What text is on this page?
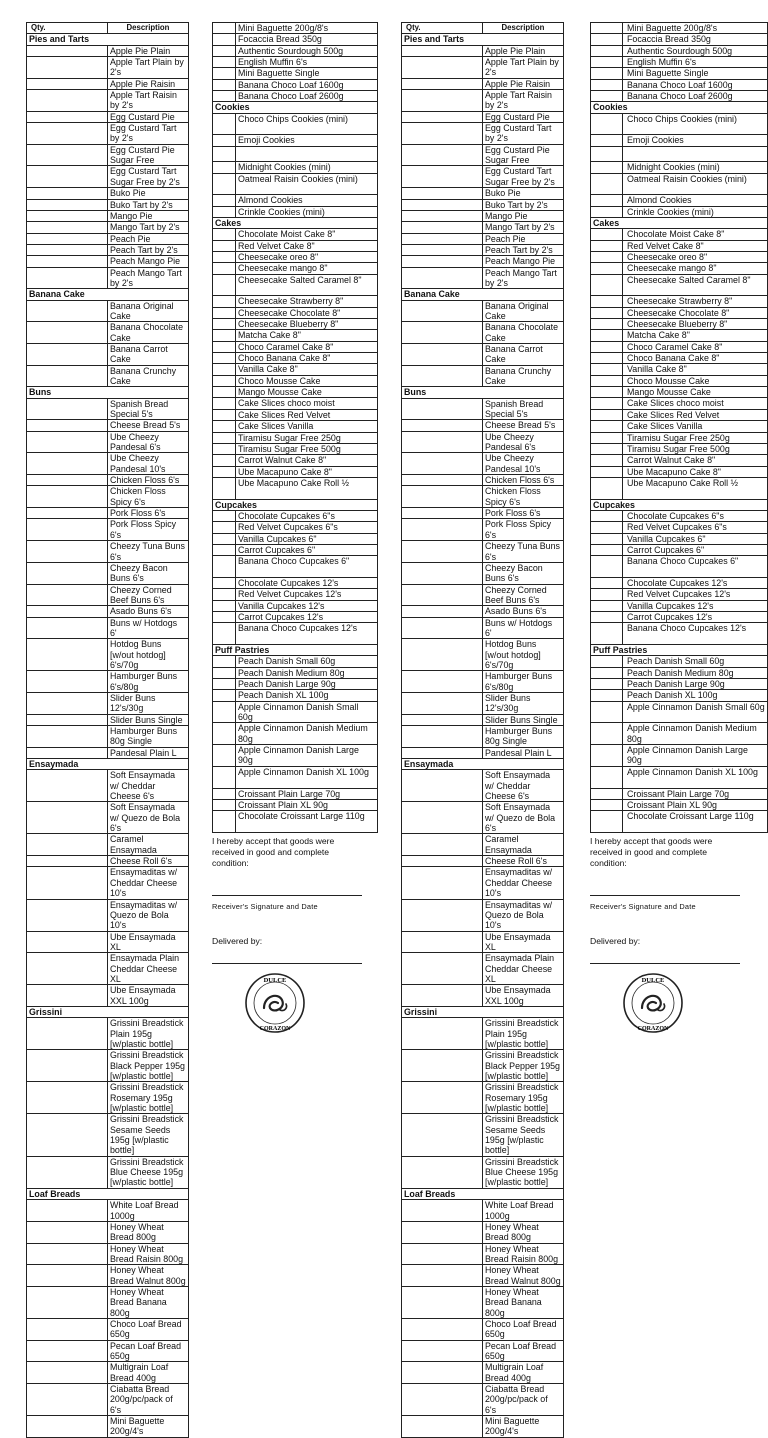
Qty.	Description
Pies and Tarts	
	Apple Pie Plain
	Apple Tart Plain by 2's
	Apple Pie Raisin
	Apple Tart Raisin by 2's
	Egg Custard Pie
	Egg Custard Tart by 2's
	Egg Custard Pie Sugar Free
	Egg Custard Tart Sugar Free by 2's
	Buko Pie
	Buko Tart by 2's
	Mango Pie
	Mango Tart by 2's
	Peach Pie
	Peach Tart by 2's
	Peach Mango Pie
	Peach Mango Tart by 2's
Banana Cake	
	Banana Original Cake
	Banana Chocolate Cake
	Banana Carrot Cake
	Banana Crunchy Cake
Buns	
	Spanish Bread Special 5's
	Cheese Bread 5's
	Ube Cheezy Pandesal 6's
	Ube Cheezy Pandesal 10's
	Chicken Floss 6's
	Chicken Floss Spicy 6's
	Pork Floss 6's
	Pork Floss Spicy 6's
	Cheezy Tuna Buns 6's
	Cheezy Bacon Buns 6's
	Cheezy Corned Beef Buns 6's
	Asado Buns 6's
	Buns w/ Hotdogs 6'
	Hotdog Buns [w/out hotdog] 6's/70g
	Hamburger Buns 6's/80g
	Slider Buns 12's/30g
	Slider Buns Single
	Hamburger Buns 80g Single
	Pandesal Plain L
Ensaymada	
	Soft Ensaymada w/ Cheddar Cheese 6's
	Soft Ensaymada w/ Quezo de Bola 6's
	Caramel Ensaymada
	Cheese Roll 6's
	Ensaymaditas w/ Cheddar Cheese 10's
	Ensaymaditas w/ Quezo de Bola 10's
	Ube Ensaymada XL
	Ensaymada Plain Cheddar Cheese XL
	Ube Ensaymada XXL 100g
Grissini	
	Grissini Breadstick Plain 195g [w/plastic bottle]
	Grissini Breadstick Black Pepper 195g [w/plastic bottle]
	Grissini Breadstick Rosemary 195g [w/plastic bottle]
	Grissini Breadstick Sesame Seeds 195g [w/plastic bottle]
	Grissini Breadstick Blue Cheese 195g [w/plastic bottle]
Loaf Breads	
	White Loaf Bread 1000g
	Honey Wheat Bread 800g
	Honey Wheat Bread Raisin 800g
	Honey Wheat Bread Walnut 800g
	Honey Wheat Bread Banana 800g
	Choco Loaf Bread 650g
	Pecan Loaf Bread 650g
	Multigrain Loaf Bread 400g
	Ciabatta Bread 200g/pc/pack of 6's
	Mini Baguette 200g/4's
	Mini Baguette 200g/8's
	Focaccia Bread 350g
	Authentic Sourdough 500g
	English Muffin 6's
	Mini Baguette Single
	Banana Choco Loaf 1600g
	Banana Choco Loaf 2600g
Cookies	
	Choco Chips Cookies (mini)
	Emoji Cookies

	Midnight Cookies (mini)
	Oatmeal Raisin Cookies (mini)
	Almond Cookies
	Crinkle Cookies (mini)
Cakes	
	Chocolate Moist Cake 8"
	Red Velvet Cake 8"
	Cheesecake oreo 8"
	Cheesecake mango 8"
	Cheesecake Salted Caramel 8"
	Cheesecake Strawberry 8"
	Cheesecake Chocolate 8"
	Cheesecake Blueberry 8"
	Matcha Cake 8"
	Choco Caramel Cake 8"
	Choco Banana Cake 8"
	Vanilla Cake 8"
	Choco Mousse Cake
	Mango Mousse Cake
	Cake Slices choco moist
	Cake Slices Red Velvet
	Cake Slices Vanilla
	Tiramisu Sugar Free 250g
	Tiramisu Sugar Free 500g
	Carrot Walnut Cake 8"
	Ube Macapuno Cake 8"
	Ube Macapuno Cake Roll ½
Cupcakes	
	Chocolate Cupcakes 6"s
	Red Velvet Cupcakes 6"s
	Vanilla Cupcakes 6"
	Carrot Cupcakes 6"
	Banana Choco Cupcakes 6"
	Chocolate Cupcakes 12's
	Red Velvet Cupcakes 12's
	Vanilla Cupcakes 12's
	Carrot Cupcakes 12's
	Banana Choco Cupcakes 12's
Puff Pastries	
	Peach Danish Small 60g
	Peach Danish Medium 80g
	Peach Danish Large 90g
	Peach Danish XL 100g
	Apple Cinnamon Danish Small 60g
	Apple Cinnamon Danish Medium 80g
	Apple Cinnamon Danish Large 90g
	Apple Cinnamon Danish XL 100g
	Croissant Plain Large 70g
	Croissant Plain XL 90g
	Chocolate Croissant Large 110g
I hereby accept that goods were received in good and complete condition:
Receiver's Signature and Date
Delivered by:
DULCE
CORAZON
Qty.	Description
Pies and Tarts	
	Apple Pie Plain
	Apple Tart Plain by 2's
	Apple Pie Raisin
	Apple Tart Raisin by 2's
	Egg Custard Pie
	Egg Custard Tart by 2's
	Egg Custard Pie Sugar Free
	Egg Custard Tart Sugar Free by 2's
	Buko Pie
	Buko Tart by 2's
	Mango Pie
	Mango Tart by 2's
	Peach Pie
	Peach Tart by 2's
	Peach Mango Pie
	Peach Mango Tart by 2's
Banana Cake	
	Banana Original Cake
	Banana Chocolate Cake
	Banana Carrot Cake
	Banana Crunchy Cake
Buns	
	Spanish Bread Special 5's
	Cheese Bread 5's
	Ube Cheezy Pandesal 6's
	Ube Cheezy Pandesal 10's
	Chicken Floss 6's
	Chicken Floss Spicy 6's
	Pork Floss 6's
	Pork Floss Spicy 6's
	Cheezy Tuna Buns 6's
	Cheezy Bacon Buns 6's
	Cheezy Corned Beef Buns 6's
	Asado Buns 6's
	Buns w/ Hotdogs 6'
	Hotdog Buns [w/out hotdog] 6's/70g
	Hamburger Buns 6's/80g
	Slider Buns 12's/30g
	Slider Buns Single
	Hamburger Buns 80g Single
	Pandesal Plain L
Ensaymada	
	Soft Ensaymada w/ Cheddar Cheese 6's
	Soft Ensaymada w/ Quezo de Bola 6's
	Caramel Ensaymada
	Cheese Roll 6's
	Ensaymaditas w/ Cheddar Cheese 10's
	Ensaymaditas w/ Quezo de Bola 10's
	Ube Ensaymada XL
	Ensaymada Plain Cheddar Cheese XL
	Ube Ensaymada XXL 100g
Grissini	
	Grissini Breadstick Plain 195g [w/plastic bottle]
	Grissini Breadstick Black Pepper 195g [w/plastic bottle]
	Grissini Breadstick Rosemary 195g [w/plastic bottle]
	Grissini Breadstick Sesame Seeds 195g [w/plastic bottle]
	Grissini Breadstick Blue Cheese 195g [w/plastic bottle]
Loaf Breads	
	White Loaf Bread 1000g
	Honey Wheat Bread 800g
	Honey Wheat Bread Raisin 800g
	Honey Wheat Bread Walnut 800g
	Honey Wheat Bread Banana 800g
	Choco Loaf Bread 650g
	Pecan Loaf Bread 650g
	Multigrain Loaf Bread 400g
	Ciabatta Bread 200g/pc/pack of 6's
	Mini Baguette 200g/4's
	Mini Baguette 200g/8's
	Focaccia Bread 350g
	Authentic Sourdough 500g
	English Muffin 6's
	Mini Baguette Single
	Banana Choco Loaf 1600g
	Banana Choco Loaf 2600g
Cookies	
	Choco Chips Cookies (mini)
	Emoji Cookies

	Midnight Cookies (mini)
	Oatmeal Raisin Cookies (mini)
	Almond Cookies
	Crinkle Cookies (mini)
Cakes	
	Chocolate Moist Cake 8"
	Red Velvet Cake 8"
	Cheesecake oreo 8"
	Cheesecake mango 8"
	Cheesecake Salted Caramel 8"
	Cheesecake Strawberry 8"
	Cheesecake Chocolate 8"
	Cheesecake Blueberry 8"
	Matcha Cake 8"
	Choco Caramel Cake 8"
	Choco Banana Cake 8"
	Vanilla Cake 8"
	Choco Mousse Cake
	Mango Mousse Cake
	Cake Slices choco moist
	Cake Slices Red Velvet
	Cake Slices Vanilla
	Tiramisu Sugar Free 250g
	Tiramisu Sugar Free 500g
	Carrot Walnut Cake 8"
	Ube Macapuno Cake 8"
	Ube Macapuno Cake Roll ½
Cupcakes	
	Chocolate Cupcakes 6"s
	Red Velvet Cupcakes 6"s
	Vanilla Cupcakes 6"
	Carrot Cupcakes 6"
	Banana Choco Cupcakes 6"
	Chocolate Cupcakes 12's
	Red Velvet Cupcakes 12's
	Vanilla Cupcakes 12's
	Carrot Cupcakes 12's
	Banana Choco Cupcakes 12's
Puff Pastries	
	Peach Danish Small 60g
	Peach Danish Medium 80g
	Peach Danish Large 90g
	Peach Danish XL 100g
	Apple Cinnamon Danish Small 60g
	Apple Cinnamon Danish Medium 80g
	Apple Cinnamon Danish Large 90g
	Apple Cinnamon Danish XL 100g
	Croissant Plain Large 70g
	Croissant Plain XL 90g
	Chocolate Croissant Large 110g
I hereby accept that goods were received in good and complete condition:
Receiver's Signature and Date
Delivered by:
DULCE
CORAZON
